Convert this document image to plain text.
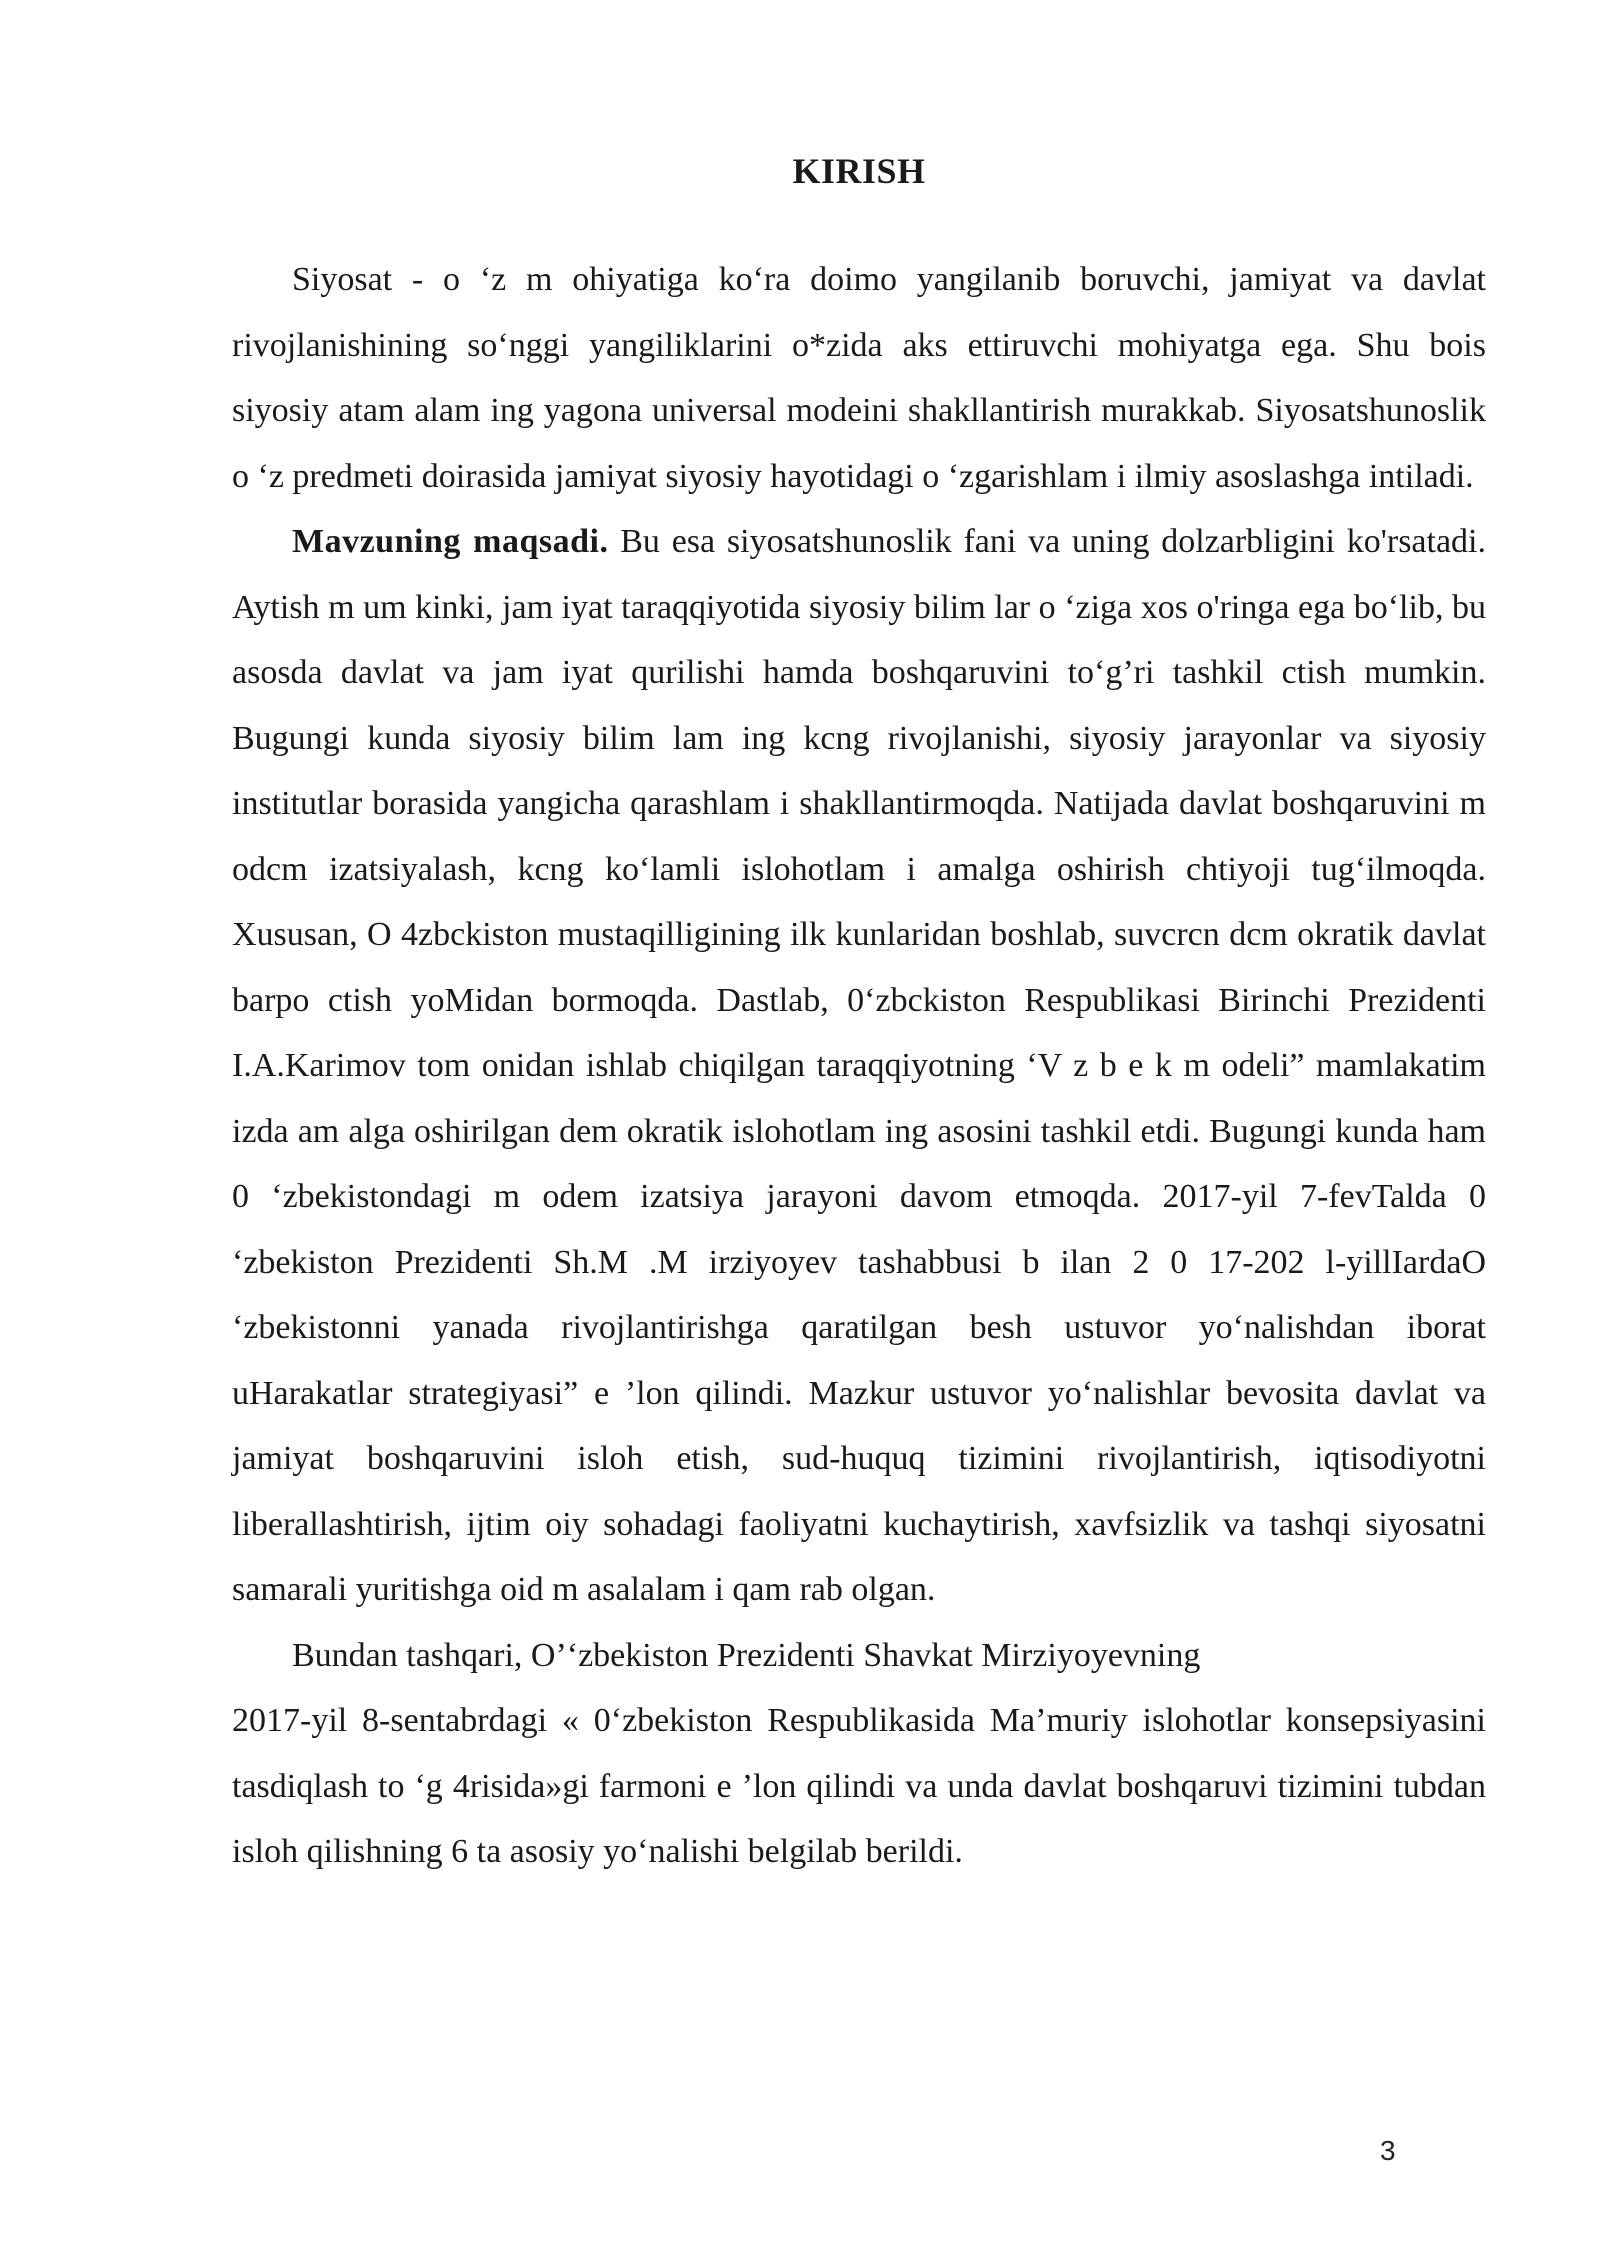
KIRISH

Siyosat - o ‘z m ohiyatiga ko‘ra doimo yangilanib boruvchi, jamiyat va davlat rivojlanishining so‘nggi yangiliklarini o*zida aks ettiruvchi mohiyatga ega. Shu bois siyosiy atam alam ing yagona universal modeini shakllantirish murakkab. Siyosatshunoslik o ‘z predmeti doirasida jamiyat siyosiy hayotidagi o ‘zgarishlam i ilmiy asoslashga intiladi.

Mavzuning maqsadi. Bu esa siyosatshunoslik fani va uning dolzarbligini ko'rsatadi. Aytish m um kinki, jam iyat taraqqiyotida siyosiy bilim lar o ‘ziga xos o'ringa ega bo‘lib, bu asosda davlat va jam iyat qurilishi hamda boshqaruvini to‘g’ri tashkil ctish mumkin. Bugungi kunda siyosiy bilim lam ing kcng rivojlanishi, siyosiy jarayonlar va siyosiy institutlar borasida yangicha qarashlam i shakllantirmoqda. Natijada davlat boshqaruvini m odcm izatsiyalash, kcng ko‘lamli islohotlam i amalga oshirish chtiyoji tug‘ilmoqda. Xususan, O 4zbckiston mustaqilligining ilk kunlaridan boshlab, suvcrcn dcm okratik davlat barpo ctish yoMidan bormoqda. Dastlab, 0‘zbckiston Respublikasi Birinchi Prezidenti I.A.Karimov tom onidan ishlab chiqilgan taraqqiyotning ‘V z b e k m odeli” mamlakatim izda am alga oshirilgan dem okratik islohotlam ing asosini tashkil etdi. Bugungi kunda ham 0 ‘zbekistondagi m odem izatsiya jarayoni davom etmoqda. 2017-yil 7-fevTalda 0 ‘zbekiston Prezidenti Sh.M .M irziyoyev tashabbusi b ilan 2 0 17-202 l-yillIardaO ‘zbekistonni yanada rivojlantirishga qaratilgan besh ustuvor yo‘nalishdan iborat uHarakatlar strategiyasi” e ’lon qilindi. Mazkur ustuvor yo‘nalishlar bevosita davlat va jamiyat boshqaruvini isloh etish, sud-huquq tizimini rivojlantirish, iqtisodiyotni liberallashtirish, ijtim oiy sohadagi faoliyatni kuchaytirish, xavfsizlik va tashqi siyosatni samarali yuritishga oid m asalalam i qam rab olgan.

Bundan tashqari, O’‘zbekiston Prezidenti Shavkat Mirziyoyevning

2017-yil 8-sentabrdagi « 0‘zbekiston Respublikasida Ma’muriy islohotlar konsepsiyasini tasdiqlash to ‘g 4risida»gi farmoni e ’lon qilindi va unda davlat boshqaruvi tizimini tubdan isloh qilishning 6 ta asosiy yo‘nalishi belgilab berildi.

3
